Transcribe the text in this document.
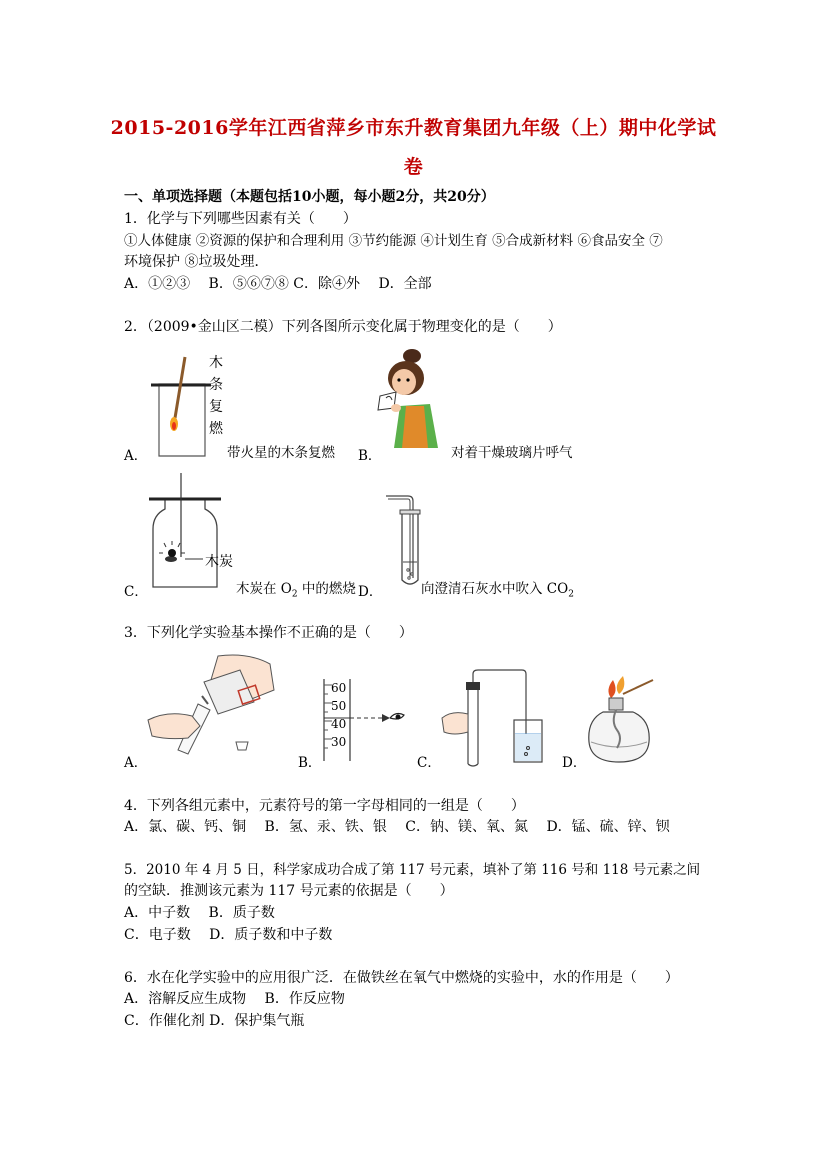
2015-2016学年江西省萍乡市东升教育集团九年级（上）期中化学试
卷
一、单项选择题（本题包括10小题，每小题2分，共20分）
1．化学与下列哪些因素有关（　　）
①人体健康 ②资源的保护和合理利用 ③节约能源 ④计划生育 ⑤合成新材料 ⑥食品安全 ⑦
环境保护 ⑧垃圾处理．
A．①②③　 B．⑤⑥⑦⑧ C．除④外　 D．全部
2．（2009•金山区二模）下列各图所示变化属于物理变化的是（　　）
木
条
复
燃
A．	带火星的木条复燃 B．	对着干燥玻璃片呼气
木炭
C．	木炭在 $O_2$ 中的燃烧 D．	向澄清石灰水中吹入 $CO_2$
3．下列化学实验基本操作不正确的是（　　）
A．
60
50
40
30
B．	C．	D．
4．下列各组元素中，元素符号的第一字母相同的一组是（　　）
A．氯、碳、钙、铜　 B．氢、汞、铁、银　 C．钠、镁、氧、氮　 D．锰、硫、锌、钡
5．2010 年 4 月 5 日，科学家成功合成了第 117 号元素，填补了第 116 号和 118 号元素之间
的空缺．推测该元素为 117 号元素的依据是（　　）
A．中子数　 B．质子数
C．电子数　 D．质子数和中子数
6．水在化学实验中的应用很广泛．在做铁丝在氧气中燃烧的实验中，水的作用是（　　）
A．溶解反应生成物　 B．作反应物
C．作催化剂 D．保护集气瓶
